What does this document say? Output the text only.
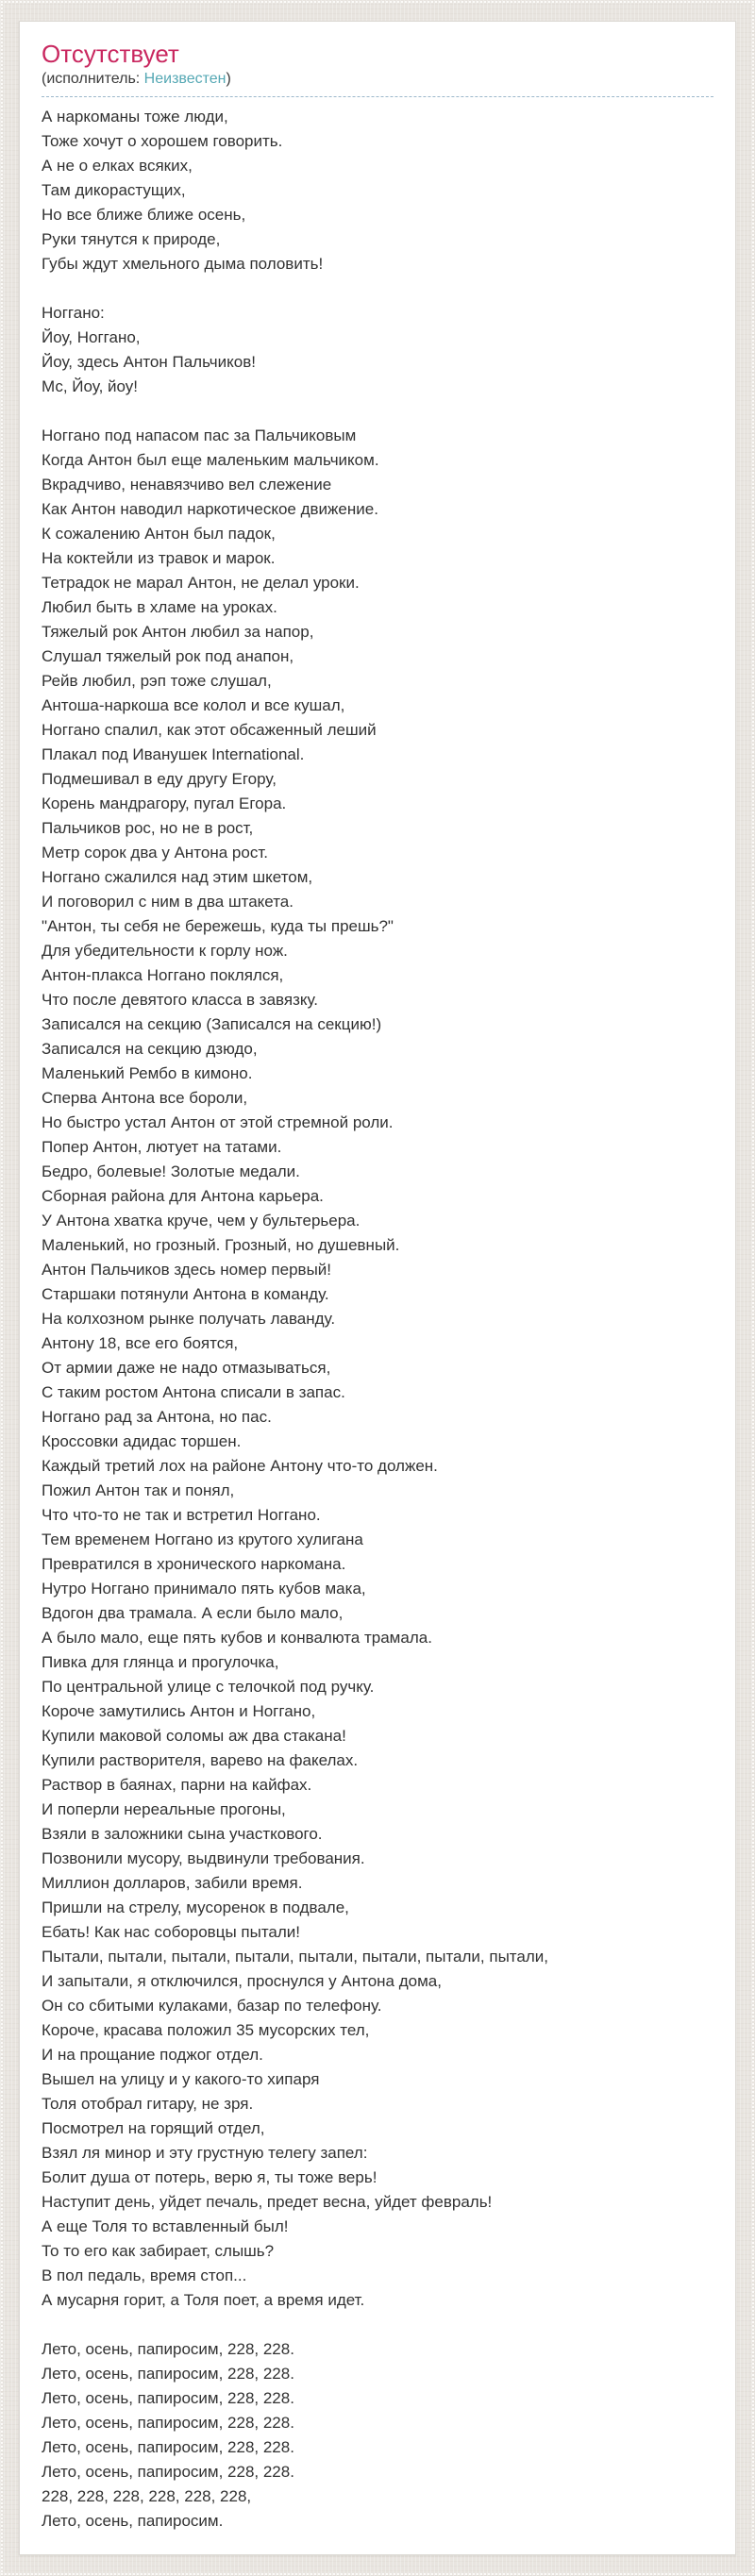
Отсутствует
(исполнитель: Неизвестен)
А наркоманы тоже люди,
Тоже хочут о хорошем говорить.
А не о елках всяких,
Там дикорастущих,
Но все ближе ближе осень,
Руки тянутся к природе,
Губы ждут хмельного дыма половить!

Ноггано:
Йоу, Ноггано,
Йоу, здесь Антон Пальчиков!
Мс, Йоу, йоу!

Ноггано под напасом пас за Пальчиковым
Когда Антон был еще маленьким мальчиком.
Вкрадчиво, ненавязчиво вел слежение
Как Антон наводил наркотическое движение.
К сожалению Антон был падок,
На коктейли из травок и марок.
Тетрадок не марал Антон, не делал уроки.
Любил быть в хламе на уроках.
Тяжелый рок Антон любил за напор,
Слушал тяжелый рок под анапон,
Рейв любил, рэп тоже слушал,
Антоша-наркоша все колол и все кушал,
Ноггано спалил, как этот обсаженный леший
Плакал под Иванушек International.
Подмешивал в еду другу Егору,
Корень мандрагору, пугал Егора.
Пальчиков рос, но не в рост,
Метр сорок два у Антона рост.
Ноггано сжалился над этим шкетом,
И поговорил с ним в два штакета.
"Антон, ты себя не бережешь, куда ты прешь?"
Для убедительности к горлу нож.
Антон-плакса Ноггано поклялся,
Что после девятого класса в завязку.
Записался на секцию (Записался на секцию!)
Записался на секцию дзюдо,
Маленький Рембо в кимоно.
Сперва Антона все бороли,
Но быстро устал Антон от этой стремной роли.
Попер Антон, лютует на татами.
Бедро, болевые! Золотые медали.
Сборная района для Антона карьера.
У Антона хватка круче, чем у бультерьера.
Маленький, но грозный. Грозный, но душевный.
Антон Пальчиков здесь номер первый!
Старшаки потянули Антона в команду.
На колхозном рынке получать лаванду.
Антону 18, все его боятся,
От армии даже не надо отмазываться,
С таким ростом Антона списали в запас.
Ноггано рад за Антона, но пас.
Кроссовки адидас торшен.
Каждый третий лох на районе Антону что-то должен.
Пожил Антон так и понял,
Что что-то не так и встретил Ноггано.
Тем временем Ноггано из крутого хулигана
Превратился в хронического наркомана.
Нутро Ноггано принимало пять кубов мака,
Вдогон два трамала. А если было мало,
А было мало, еще пять кубов и конвалюта трамала.
Пивка для глянца и прогулочка,
По центральной улице с телочкой под ручку.
Короче замутились Антон и Ноггано,
Купили маковой соломы аж два стакана!
Купили растворителя, варево на факелах.
Раствор в баянах, парни на кайфах.
И поперли нереальные прогоны,
Взяли в заложники сына участкового.
Позвонили мусору, выдвинули требования.
Миллион долларов, забили время.
Пришли на стрелу, мусоренок в подвале,
Ебать! Как нас соборовцы пытали!
Пытали, пытали, пытали, пытали, пытали, пытали, пытали, пытали,
И запытали, я отключился, проснулся у Антона дома,
Он со сбитыми кулаками, базар по телефону.
Короче, красава положил 35 мусорских тел,
И на прощание поджог отдел.
Вышел на улицу и у какого-то хипаря
Толя отобрал гитару, не зря.
Посмотрел на горящий отдел,
Взял ля минор и эту грустную телегу запел:
Болит душа от потерь, верю я, ты тоже верь!
Наступит день, уйдет печаль, предет весна, уйдет февраль!
А еще Толя то вставленный был!
То то его как забирает, слышь?
В пол педаль, время стоп...
А мусарня горит, а Толя поет, а время идет.

Лето, осень, папиросим, 228, 228.
Лето, осень, папиросим, 228, 228.
Лето, осень, папиросим, 228, 228.
Лето, осень, папиросим, 228, 228.
Лето, осень, папиросим, 228, 228.
Лето, осень, папиросим, 228, 228.
228, 228, 228, 228, 228, 228,
Лето, осень, папиросим.
